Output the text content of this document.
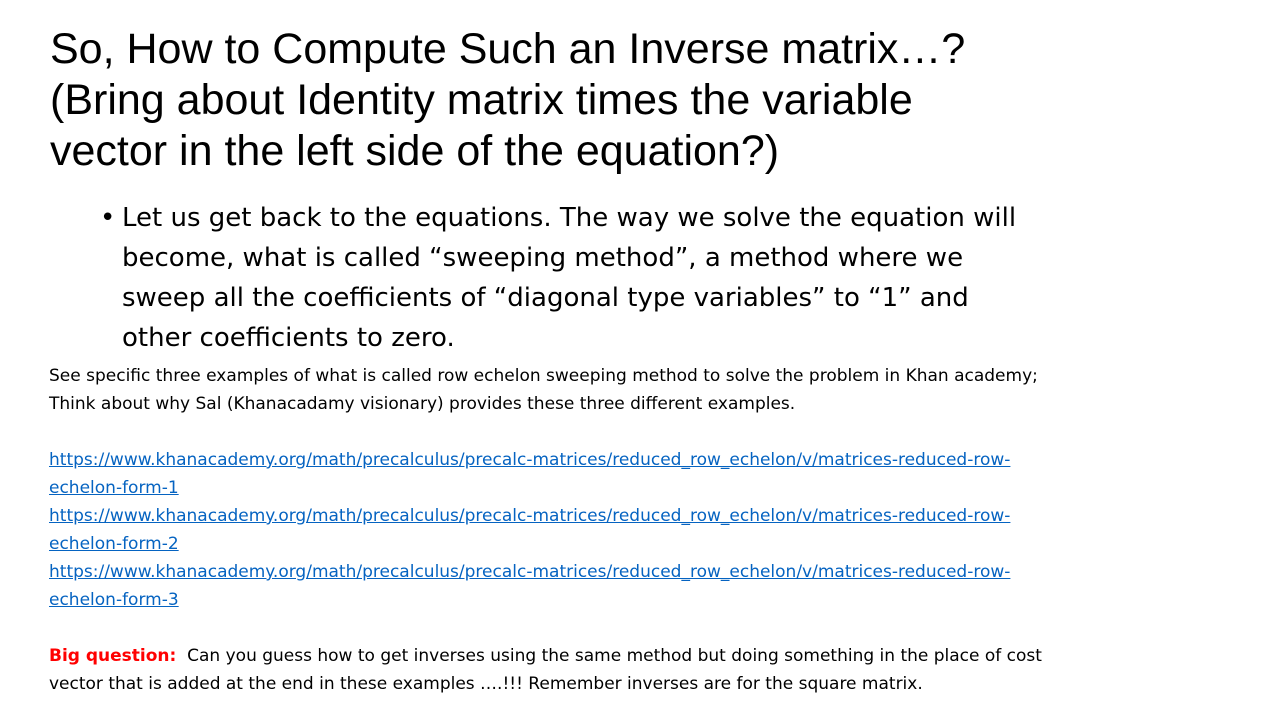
So, How to Compute Such an Inverse matrix…?
(Bring about Identity matrix times the variable
vector in the left side of the equation?)
• Let us get back to the equations. The way we solve the equation will
become, what is called “sweeping method”, a method where we
sweep all the coefficients of “diagonal type variables” to “1” and
other coefficients to zero.
See specific three examples of what is called row echelon sweeping method to solve the problem in Khan academy;
Think about why Sal (Khanacadamy visionary) provides these three different examples.
https://www.khanacademy.org/math/precalculus/precalc-matrices/reduced_row_echelon/v/matrices-reduced-row-
echelon-form-1
https://www.khanacademy.org/math/precalculus/precalc-matrices/reduced_row_echelon/v/matrices-reduced-row-
echelon-form-2
https://www.khanacademy.org/math/precalculus/precalc-matrices/reduced_row_echelon/v/matrices-reduced-row-
echelon-form-3
Big question:  Can you guess how to get inverses using the same method but doing something in the place of cost
vector that is added at the end in these examples ….!!! Remember inverses are for the square matrix.
